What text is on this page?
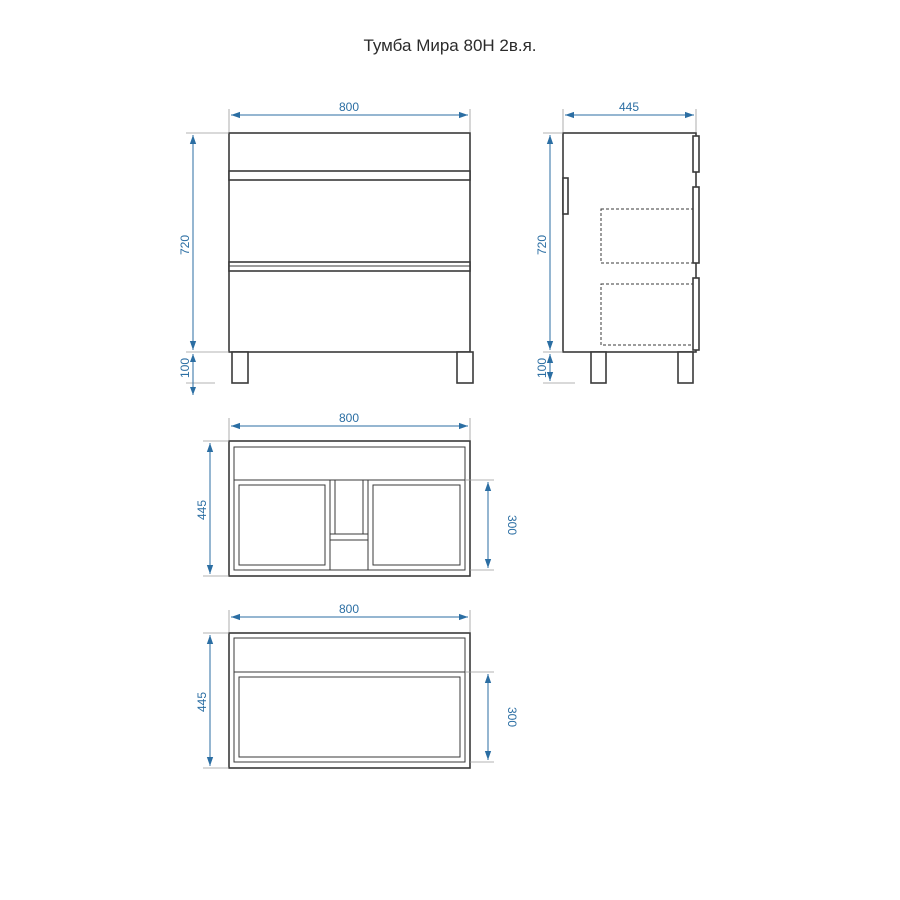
Тумба Мира 80Н 2в.я.
800
720
100
445
720
100
800
445
300
800
445
300
